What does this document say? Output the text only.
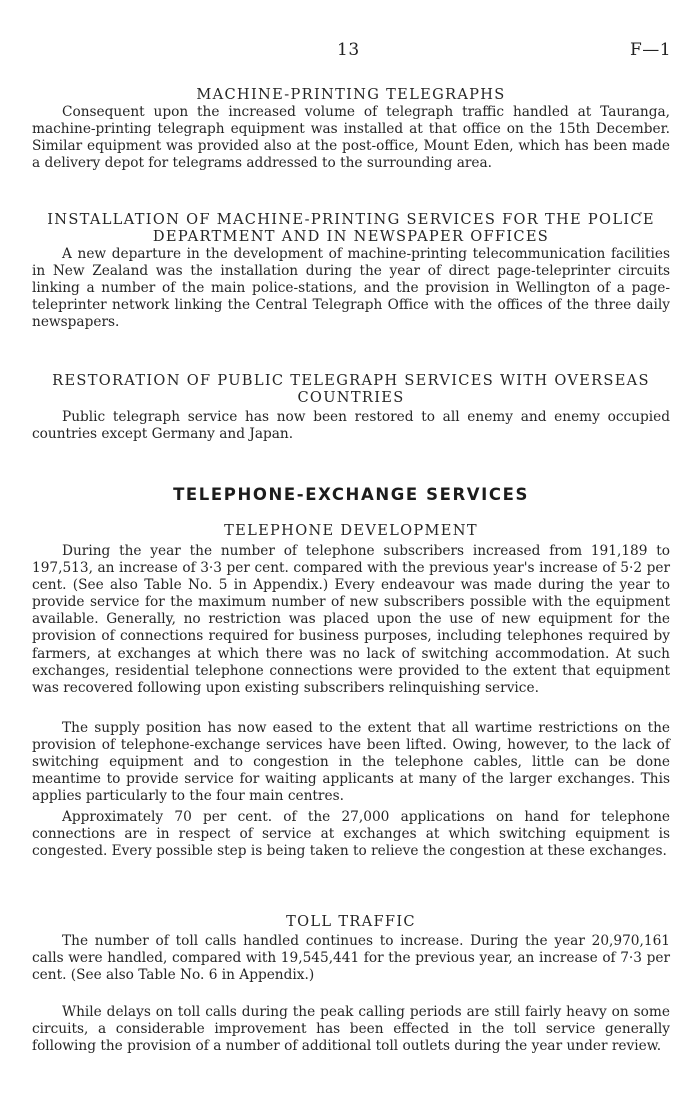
13	F—1
MACHINE-PRINTING TELEGRAPHS
Consequent upon the increased volume of telegraph traffic handled at Tauranga, machine-printing telegraph equipment was installed at that office on the 15th December. Similar equipment was provided also at the post-office, Mount Eden, which has been made a delivery depot for telegrams addressed to the surrounding area.
INSTALLATION OF MACHINE-PRINTING SERVICES FOR THE POLICE DEPARTMENT AND IN NEWSPAPER OFFICES
A new departure in the development of machine-printing telecommunication facilities in New Zealand was the installation during the year of direct page-teleprinter circuits linking a number of the main police-stations, and the provision in Wellington of a page-teleprinter network linking the Central Telegraph Office with the offices of the three daily newspapers.
RESTORATION OF PUBLIC TELEGRAPH SERVICES WITH OVERSEAS COUNTRIES
Public telegraph service has now been restored to all enemy and enemy occupied countries except Germany and Japan.
TELEPHONE-EXCHANGE SERVICES
TELEPHONE DEVELOPMENT
During the year the number of telephone subscribers increased from 191,189 to 197,513, an increase of 3·3 per cent. compared with the previous year's increase of 5·2 per cent. (See also Table No. 5 in Appendix.) Every endeavour was made during the year to provide service for the maximum number of new subscribers possible with the equipment available. Generally, no restriction was placed upon the use of new equipment for the provision of connections required for business purposes, including telephones required by farmers, at exchanges at which there was no lack of switching accommodation. At such exchanges, residential telephone connections were provided to the extent that equipment was recovered following upon existing subscribers relinquishing service.
The supply position has now eased to the extent that all wartime restrictions on the provision of telephone-exchange services have been lifted. Owing, however, to the lack of switching equipment and to congestion in the telephone cables, little can be done meantime to provide service for waiting applicants at many of the larger exchanges. This applies particularly to the four main centres.
Approximately 70 per cent. of the 27,000 applications on hand for telephone connections are in respect of service at exchanges at which switching equipment is congested. Every possible step is being taken to relieve the congestion at these exchanges.
TOLL TRAFFIC
The number of toll calls handled continues to increase. During the year 20,970,161 calls were handled, compared with 19,545,441 for the previous year, an increase of 7·3 per cent. (See also Table No. 6 in Appendix.)
While delays on toll calls during the peak calling periods are still fairly heavy on some circuits, a considerable improvement has been effected in the toll service generally following the provision of a number of additional toll outlets during the year under review.
